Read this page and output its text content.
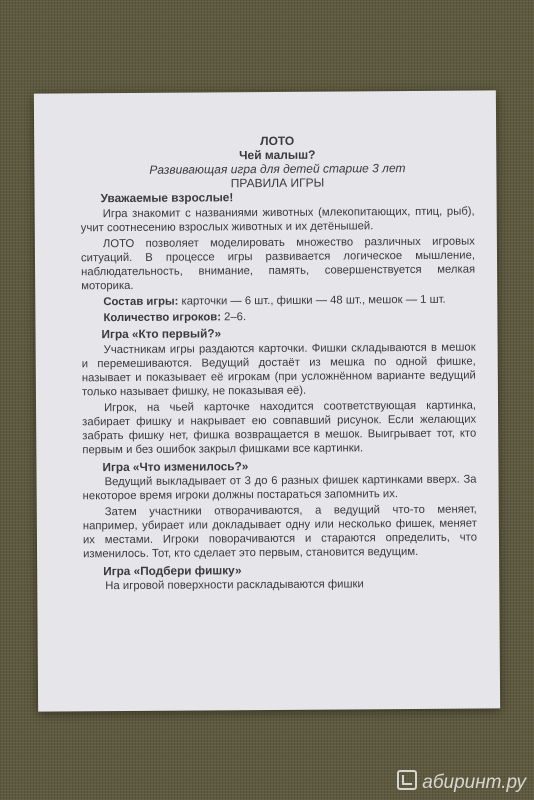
ЛОТО
Чей малыш?
Развивающая игра для детей старше 3 лет
ПРАВИЛА ИГРЫ
Уважаемые взрослые!

Игра знакомит с названиями животных (млекопитающих, птиц, рыб), учит соотнесению взрослых животных и их детёнышей.

ЛОТО позволяет моделировать множество различных игровых ситуаций. В процессе игры развивается логическое мышление, наблюдательность, внимание, память, совершенствуется мелкая моторика.

Состав игры: карточки — 6 шт., фишки — 48 шт., мешок — 1 шт.

Количество игроков: 2–6.

Игра «Кто первый?»

Участникам игры раздаются карточки. Фишки складываются в мешок и перемешиваются. Ведущий достаёт из мешка по одной фишке, называет и показывает её игрокам (при усложнённом варианте ведущий только называет фишку, не показывая её).

Игрок, на чьей карточке находится соответствующая картинка, забирает фишку и накрывает ею совпавший рисунок. Если желающих забрать фишку нет, фишка возвращается в мешок. Выигрывает тот, кто первым и без ошибок закрыл фишками все картинки.

Игра «Что изменилось?»

Ведущий выкладывает от 3 до 6 разных фишек картинками вверх. За некоторое время игроки должны постараться запомнить их.

Затем участники отворачиваются, а ведущий что-то меняет, например, убирает или докладывает одну или несколько фишек, меняет их местами. Игроки поворачиваются и стараются определить, что изменилось. Тот, кто сделает это первым, становится ведущим.

Игра «Подбери фишку»

На игровой поверхности раскладываются фишки

абиринт.ру
